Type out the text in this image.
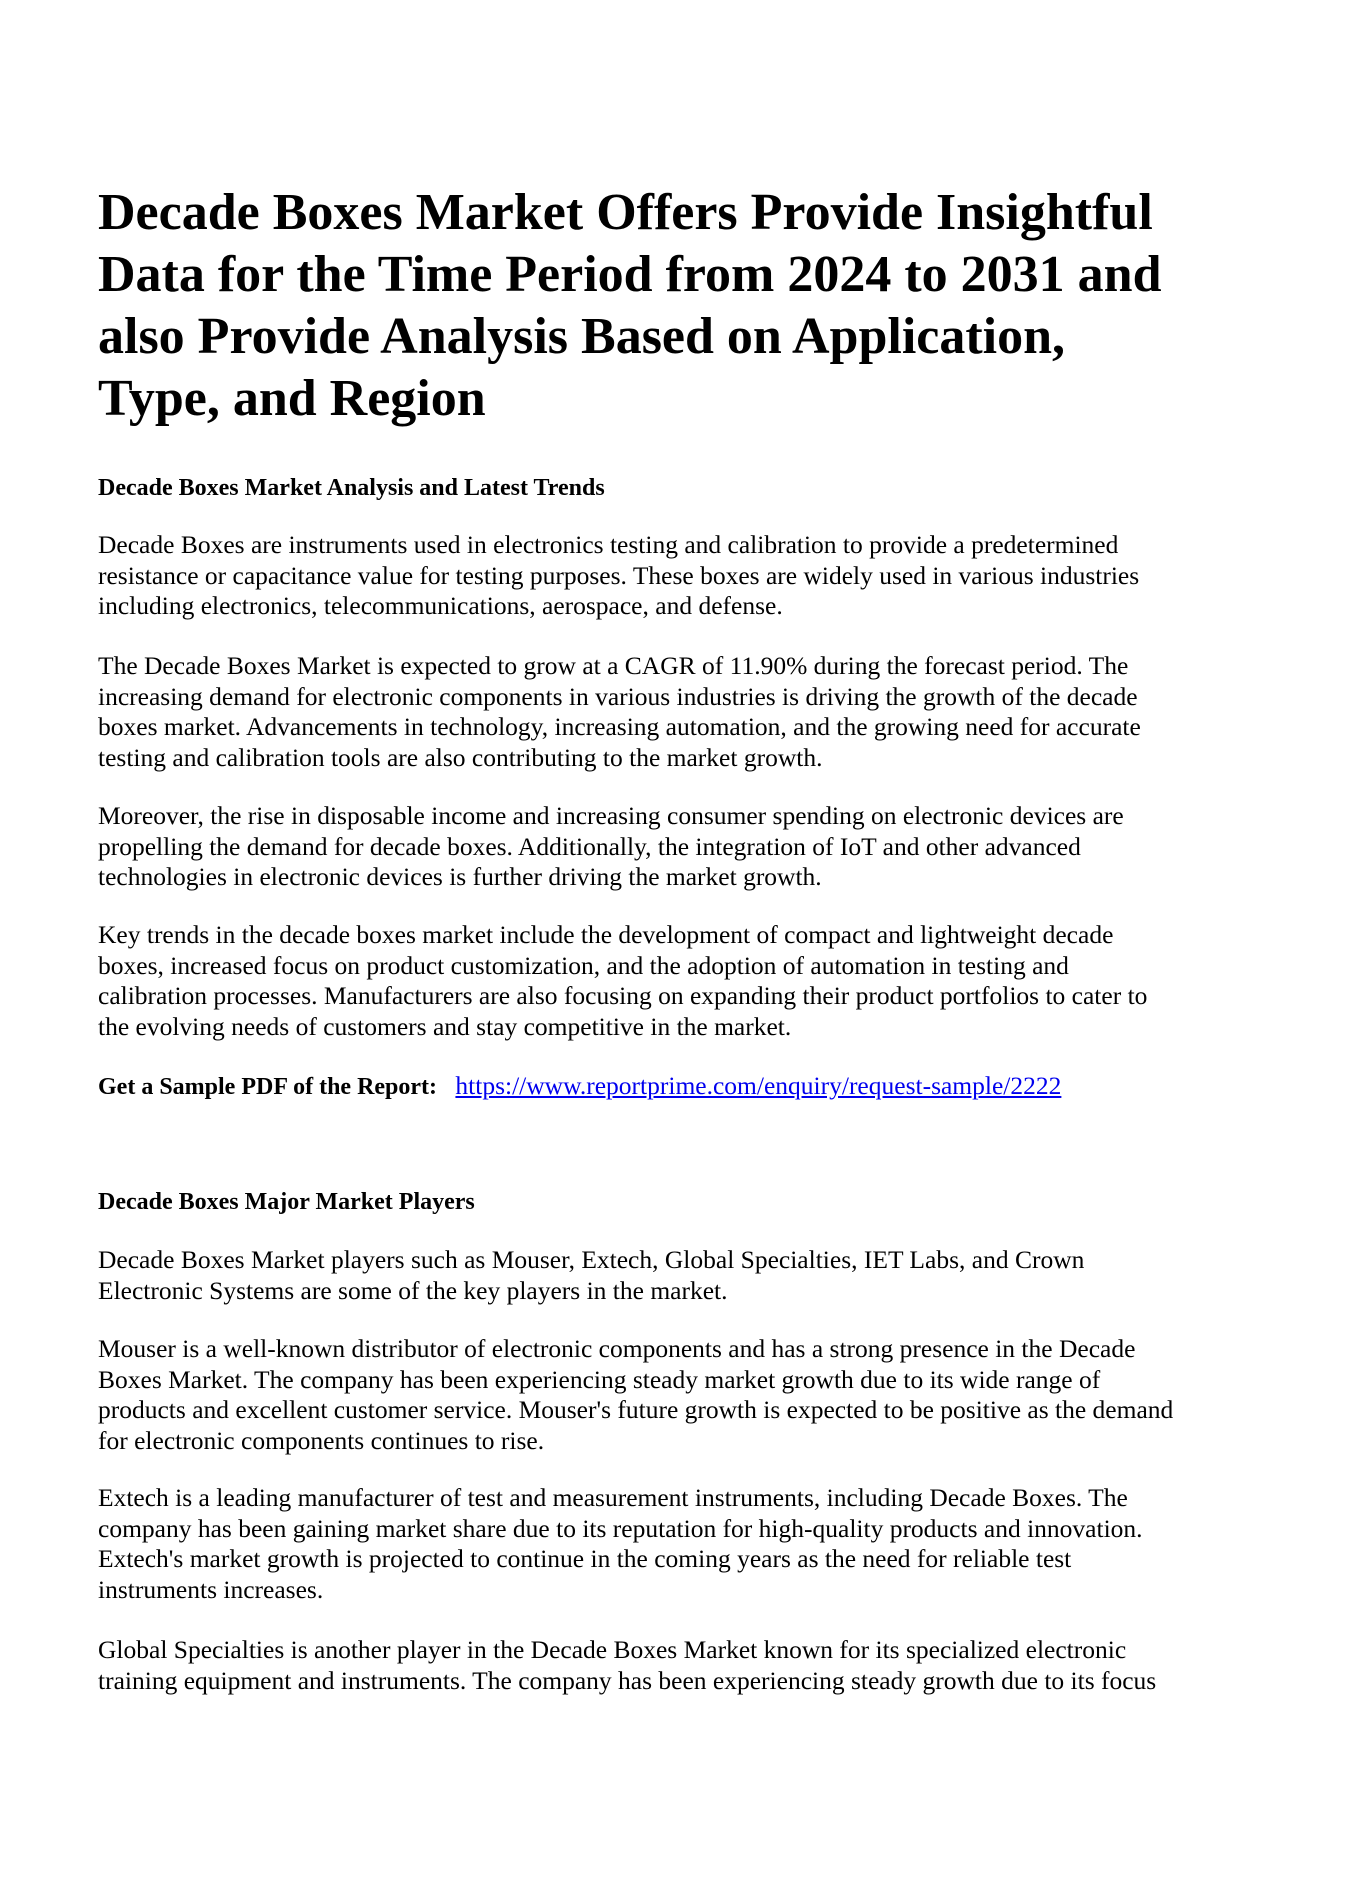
Decade Boxes Market Offers Provide Insightful
Data for the Time Period from 2024 to 2031 and
also Provide Analysis Based on Application,
Type, and Region
Decade Boxes Market Analysis and Latest Trends
Decade Boxes are instruments used in electronics testing and calibration to provide a predetermined
resistance or capacitance value for testing purposes. These boxes are widely used in various industries
including electronics, telecommunications, aerospace, and defense.
The Decade Boxes Market is expected to grow at a CAGR of 11.90% during the forecast period. The
increasing demand for electronic components in various industries is driving the growth of the decade
boxes market. Advancements in technology, increasing automation, and the growing need for accurate
testing and calibration tools are also contributing to the market growth.
Moreover, the rise in disposable income and increasing consumer spending on electronic devices are
propelling the demand for decade boxes. Additionally, the integration of IoT and other advanced
technologies in electronic devices is further driving the market growth.
Key trends in the decade boxes market include the development of compact and lightweight decade
boxes, increased focus on product customization, and the adoption of automation in testing and
calibration processes. Manufacturers are also focusing on expanding their product portfolios to cater to
the evolving needs of customers and stay competitive in the market.
Get a Sample PDF of the Report: https://www.reportprime.com/enquiry/request-sample/2222
Decade Boxes Major Market Players
Decade Boxes Market players such as Mouser, Extech, Global Specialties, IET Labs, and Crown
Electronic Systems are some of the key players in the market.
Mouser is a well-known distributor of electronic components and has a strong presence in the Decade
Boxes Market. The company has been experiencing steady market growth due to its wide range of
products and excellent customer service. Mouser's future growth is expected to be positive as the demand
for electronic components continues to rise.
Extech is a leading manufacturer of test and measurement instruments, including Decade Boxes. The
company has been gaining market share due to its reputation for high-quality products and innovation.
Extech's market growth is projected to continue in the coming years as the need for reliable test
instruments increases.
Global Specialties is another player in the Decade Boxes Market known for its specialized electronic
training equipment and instruments. The company has been experiencing steady growth due to its focus
